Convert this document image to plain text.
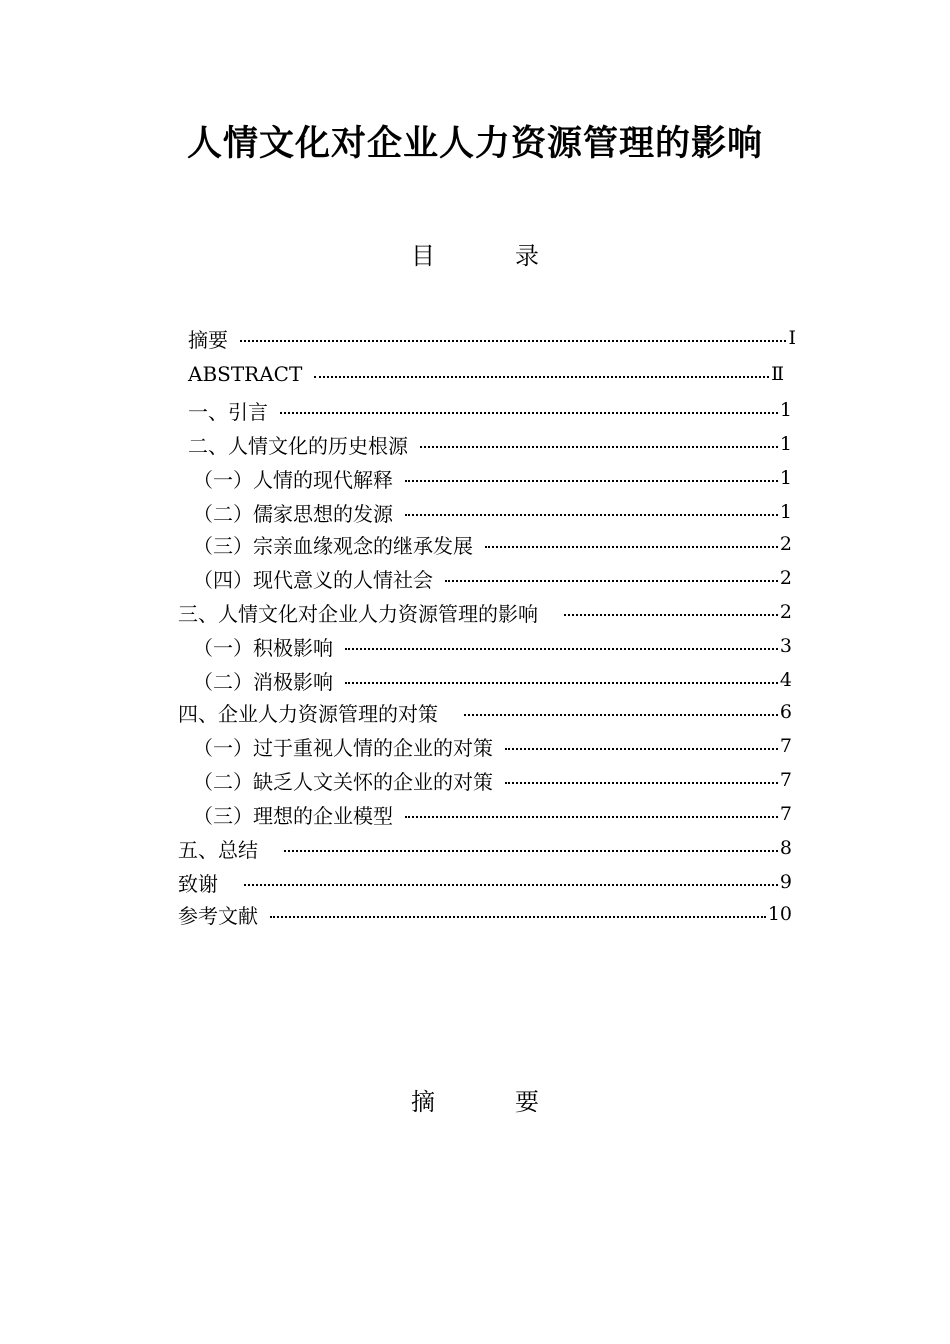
人情文化对企业人力资源管理的影响
目　录
摘要	Ⅰ
ABSTRACT	Ⅱ
一、引言	1
二、人情文化的历史根源	1
（一）人情的现代解释	1
（二）儒家思想的发源	1
（三）宗亲血缘观念的继承发展	2
（四）现代意义的人情社会	2
三、人情文化对企业人力资源管理的影响	2
（一）积极影响	3
（二）消极影响	4
四、企业人力资源管理的对策	6
（一）过于重视人情的企业的对策	7
（二）缺乏人文关怀的企业的对策	7
（三）理想的企业模型	7
五、总结	8
致谢	9
参考文献	10
摘　要
